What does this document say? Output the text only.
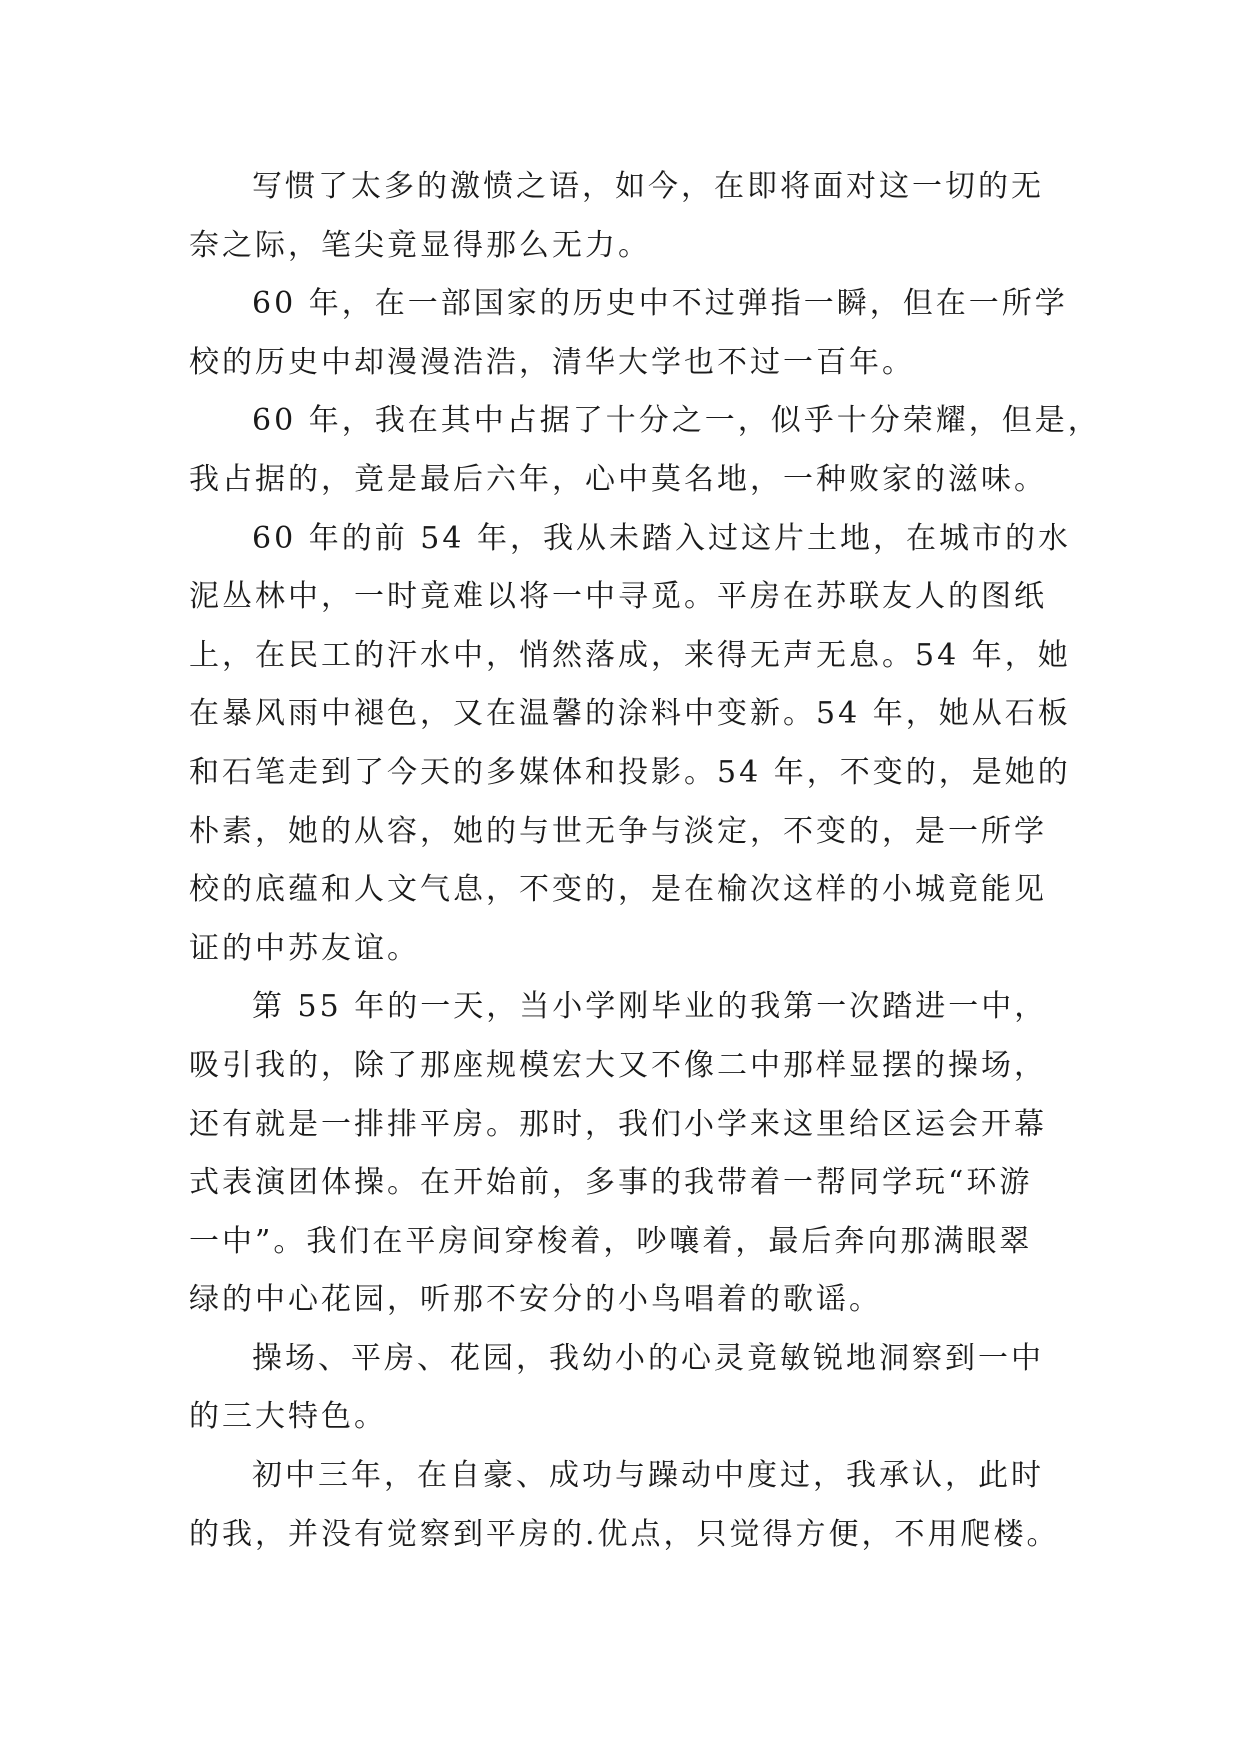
写惯了太多的激愤之语，如今，在即将面对这一切的无
奈之际，笔尖竟显得那么无力。

60 年，在一部国家的历史中不过弹指一瞬，但在一所学
校的历史中却漫漫浩浩，清华大学也不过一百年。

60 年，我在其中占据了十分之一，似乎十分荣耀，但是，
我占据的，竟是最后六年，心中莫名地，一种败家的滋味。

60 年的前 54 年，我从未踏入过这片土地，在城市的水
泥丛林中，一时竟难以将一中寻觅。平房在苏联友人的图纸
上，在民工的汗水中，悄然落成，来得无声无息。54 年，她
在暴风雨中褪色，又在温馨的涂料中变新。54 年，她从石板
和石笔走到了今天的多媒体和投影。54 年，不变的，是她的
朴素，她的从容，她的与世无争与淡定，不变的，是一所学
校的底蕴和人文气息，不变的，是在榆次这样的小城竟能见
证的中苏友谊。

第 55 年的一天，当小学刚毕业的我第一次踏进一中，
吸引我的，除了那座规模宏大又不像二中那样显摆的操场，
还有就是一排排平房。那时，我们小学来这里给区运会开幕
式表演团体操。在开始前，多事的我带着一帮同学玩“环游
一中”。我们在平房间穿梭着，吵嚷着，最后奔向那满眼翠
绿的中心花园，听那不安分的小鸟唱着的歌谣。

操场、平房、花园，我幼小的心灵竟敏锐地洞察到一中
的三大特色。

初中三年，在自豪、成功与躁动中度过，我承认，此时
的我，并没有觉察到平房的.优点，只觉得方便，不用爬楼。
